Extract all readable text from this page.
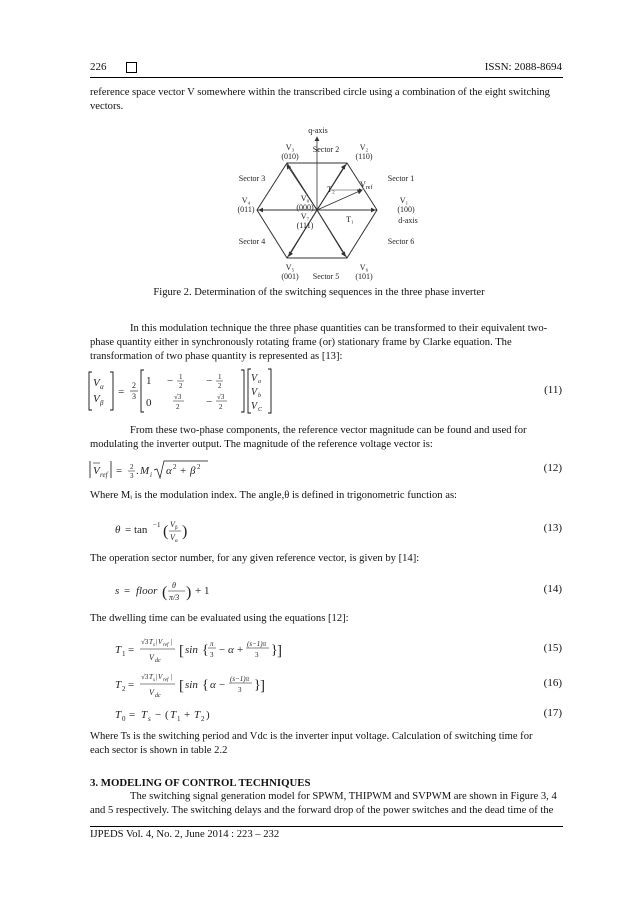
226	ISSN: 2088-8694
reference space vector V somewhere within the transcribed circle using a combination of the eight switching
vectors.
q-axis
V₃
(010)
Sector 2	V₂
(110)
Sector 3	Sector 1
T₂
$V_{ref}$
V₄
(011)
V₀
(000)
V₇
(111)
T₁
V₁
(100)
d-axis
Sector 4	Sector 6
V₅
(001) Sector 5
V₆
(101)
Figure 2. Determination of the switching sequences in the three phase inverter
In this modulation technique the three phase quantities can be transformed to their equivalent two-
phase quantity either in synchronously rotating frame (or) stationary frame by Clarke equation. The
transformation of two phase quantity is represented as [13]:
V α
V β
=
2
3
1 − 1
2 − 1
2
0	√3
2 − √3
2
V a
V b
V C
(11)
From these two-phase components, the reference vector magnitude can be found and used for
modulating the inverter output. The magnitude of the reference voltage vector is:
V ref = 2
3 . M i α 2 + β 2	(12)
Where Mᵢ is the modulation index. The angle,θ is defined in trigonometric function as:
θ = tan −1 ( V β
V α
)	(13)
The operation sector number, for any given reference vector, is given by [14]:
s = floor ( θ
π/3 ) + 1	(14)
The dwelling time can be evaluated using the equations [12]:
T 1 =
√3 T s | V ref |
V dc
[ sin { π
3 − α + (s−1)π
3 } ]	(15)
T 2 =
√3 T s | V ref |
V dc
[ sin { α − (s−1)π
3 } ]	(16)
T 0 = T s − ( T 1 + T 2 )	(17)
Where Ts is the switching period and Vdc is the inverter input voltage. Calculation of switching time for
each sector is shown in table 2.2
3. MODELING OF CONTROL TECHNIQUES
The switching signal generation model for SPWM, THIPWM and SVPWM are shown in Figure 3, 4
and 5 respectively. The switching delays and the forward drop of the power switches and the dead time of the
IJPEDS Vol. 4, No. 2, June 2014 : 223 – 232
